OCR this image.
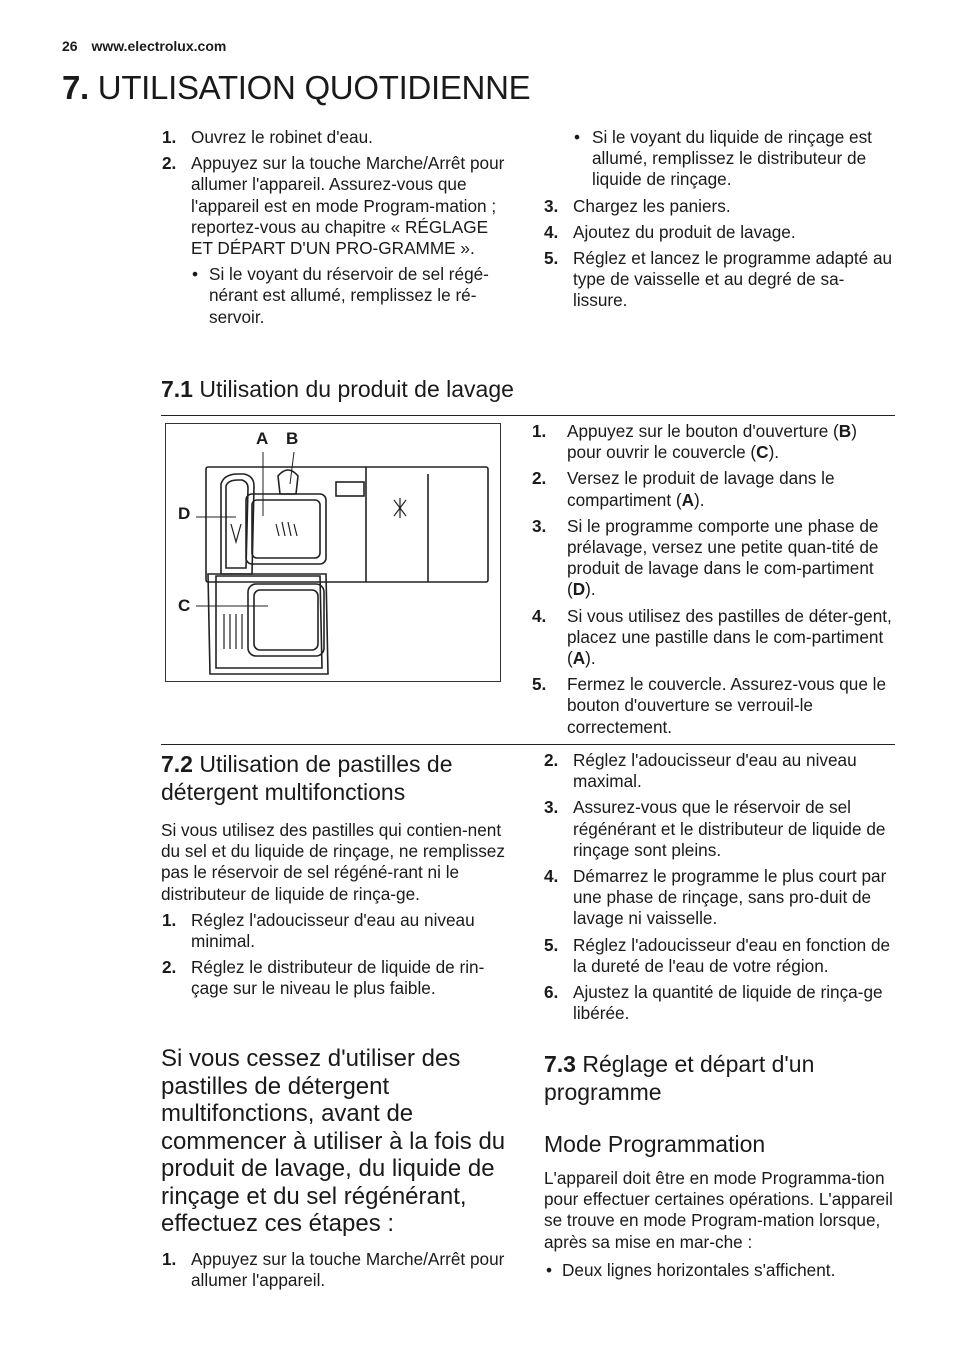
26 www.electrolux.com
7. UTILISATION QUOTIDIENNE
1. Ouvrez le robinet d'eau.
2. Appuyez sur la touche Marche/Arrêt pour allumer l'appareil. Assurez-vous que l'appareil est en mode Program-mation ; reportez-vous au chapitre « RÉGLAGE ET DÉPART D'UN PRO-GRAMME ».
• Si le voyant du réservoir de sel régé-nérant est allumé, remplissez le ré-servoir.
• Si le voyant du liquide de rinçage est allumé, remplissez le distributeur de liquide de rinçage.
3. Chargez les paniers.
4. Ajoutez du produit de lavage.
5. Réglez et lancez le programme adapté au type de vaisselle et au degré de sa-lissure.
7.1 Utilisation du produit de lavage
A B
D
C
1. Appuyez sur le bouton d'ouverture (B) pour ouvrir le couvercle (C).
2. Versez le produit de lavage dans le compartiment (A).
3. Si le programme comporte une phase de prélavage, versez une petite quan-tité de produit de lavage dans le com-partiment (D).
4. Si vous utilisez des pastilles de déter-gent, placez une pastille dans le com-partiment (A).
5. Fermez le couvercle. Assurez-vous que le bouton d'ouverture se verrouil-le correctement.
7.2 Utilisation de pastilles de détergent multifonctions

Si vous utilisez des pastilles qui contien-nent du sel et du liquide de rinçage, ne remplissez pas le réservoir de sel régéné-rant ni le distributeur de liquide de rinça-ge.

1. Réglez l'adoucisseur d'eau au niveau minimal.
2. Réglez le distributeur de liquide de rin-çage sur le niveau le plus faible.
Si vous cessez d'utiliser des pastilles de détergent multifonctions, avant de commencer à utiliser à la fois du produit de lavage, du liquide de rinçage et du sel régénérant, effectuez ces étapes :
1. Appuyez sur la touche Marche/Arrêt pour allumer l'appareil.
2. Réglez l'adoucisseur d'eau au niveau maximal.
3. Assurez-vous que le réservoir de sel régénérant et le distributeur de liquide de rinçage sont pleins.
4. Démarrez le programme le plus court par une phase de rinçage, sans pro-duit de lavage ni vaisselle.
5. Réglez l'adoucisseur d'eau en fonction de la dureté de l'eau de votre région.
6. Ajustez la quantité de liquide de rinça-ge libérée.
7.3 Réglage et départ d'un programme
Mode Programmation

L'appareil doit être en mode Programma-tion pour effectuer certaines opérations. L'appareil se trouve en mode Program-mation lorsque, après sa mise en mar-che :

• Deux lignes horizontales s'affichent.
